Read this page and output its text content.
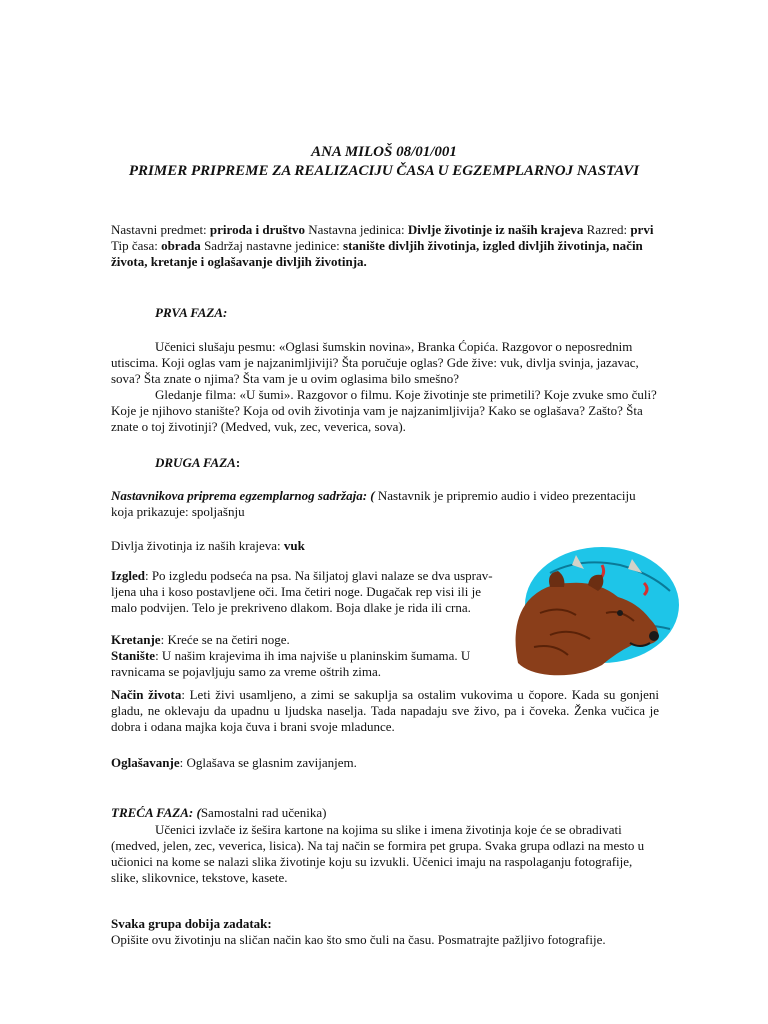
ANA MILOŠ 08/01/001
PRIMER PRIPREME ZA REALIZACIJU ČASA U EGZEMPLARNOJ NASTAVI
Nastavni predmet: priroda i društvo Nastavna jedinica: Divlje životinje iz naših krajeva Razred: prvi Tip časa: obrada Sadržaj nastavne jedinice: stanište divljih životinja, izgled divljih životinja, način života, kretanje i oglašavanje divljih životinja.
PRVA FAZA:
Učenici slušaju pesmu: «Oglasi šumskin novina», Branka Ćopića. Razgovor o neposrednim utiscima. Koji oglas vam je najzanimljiviji? Šta poručuje oglas? Gde žive: vuk, divlja svinja, jazavac, sova? Šta znate o njima? Šta vam je u ovim oglasima bilo smešno?
Gledanje filma: «U šumi». Razgovor o filmu. Koje životinje ste primetili? Koje zvuke smo čuli? Koje je njihovo stanište? Koja od ovih životinja vam je najzanimljivija? Kako se oglašava? Zašto? Šta znate o toj životinji? (Medved, vuk, zec, veverica, sova).
DRUGA FAZA:
Nastavnikova priprema egzemplarnog sadržaja: ( Nastavnik je pripremio audio i video prezentaciju koja prikazuje: spoljašnju
Divlja životinja iz naših krajeva: vuk
Izgled: Po izgledu podseća na psa. Na šiljatoj glavi nalaze se dva uspravljena uha i koso postavljene oči. Ima četiri noge. Dugačak rep visi ili je malo podvijen. Telo je prekriveno dlakom. Boja dlake je rida ili crna.
Kretanje: Kreće se na četiri noge.
Stanište: U našim krajevima ih ima najviše u planinskim šumama. U ravnicama se pojavljuju samo za vreme oštrih zima.
Način života: Leti živi usamljeno, a zimi se sakuplja sa ostalim vukovima u čopore. Kada su gonjeni gladu, ne oklevaju da upadnu u ljudska naselja. Tada napadaju sve živo, pa i čoveka. Ženka vučica je dobra i odana majka koja čuva i brani svoje mladunce.
Oglašavanje: Oglašava se glasnim zavijanjem.
TREĆA FAZA: (Samostalni rad učenika)
Učenici izvlače iz šešira kartone na kojima su slike i imena životinja koje će se obradivati (medved, jelen, zec, veverica, lisica). Na taj način se formira pet grupa. Svaka grupa odlazi na mesto u učionici na kome se nalazi slika životinje koju su izvukli. Učenici imaju na raspolaganju fotografije, slike, slikovnice, tekstove, kasete.
Svaka grupa dobija zadatak:
Opišite ovu životinju na sličan način kao što smo čuli na času. Posmatrajte pažljivo fotografije.
